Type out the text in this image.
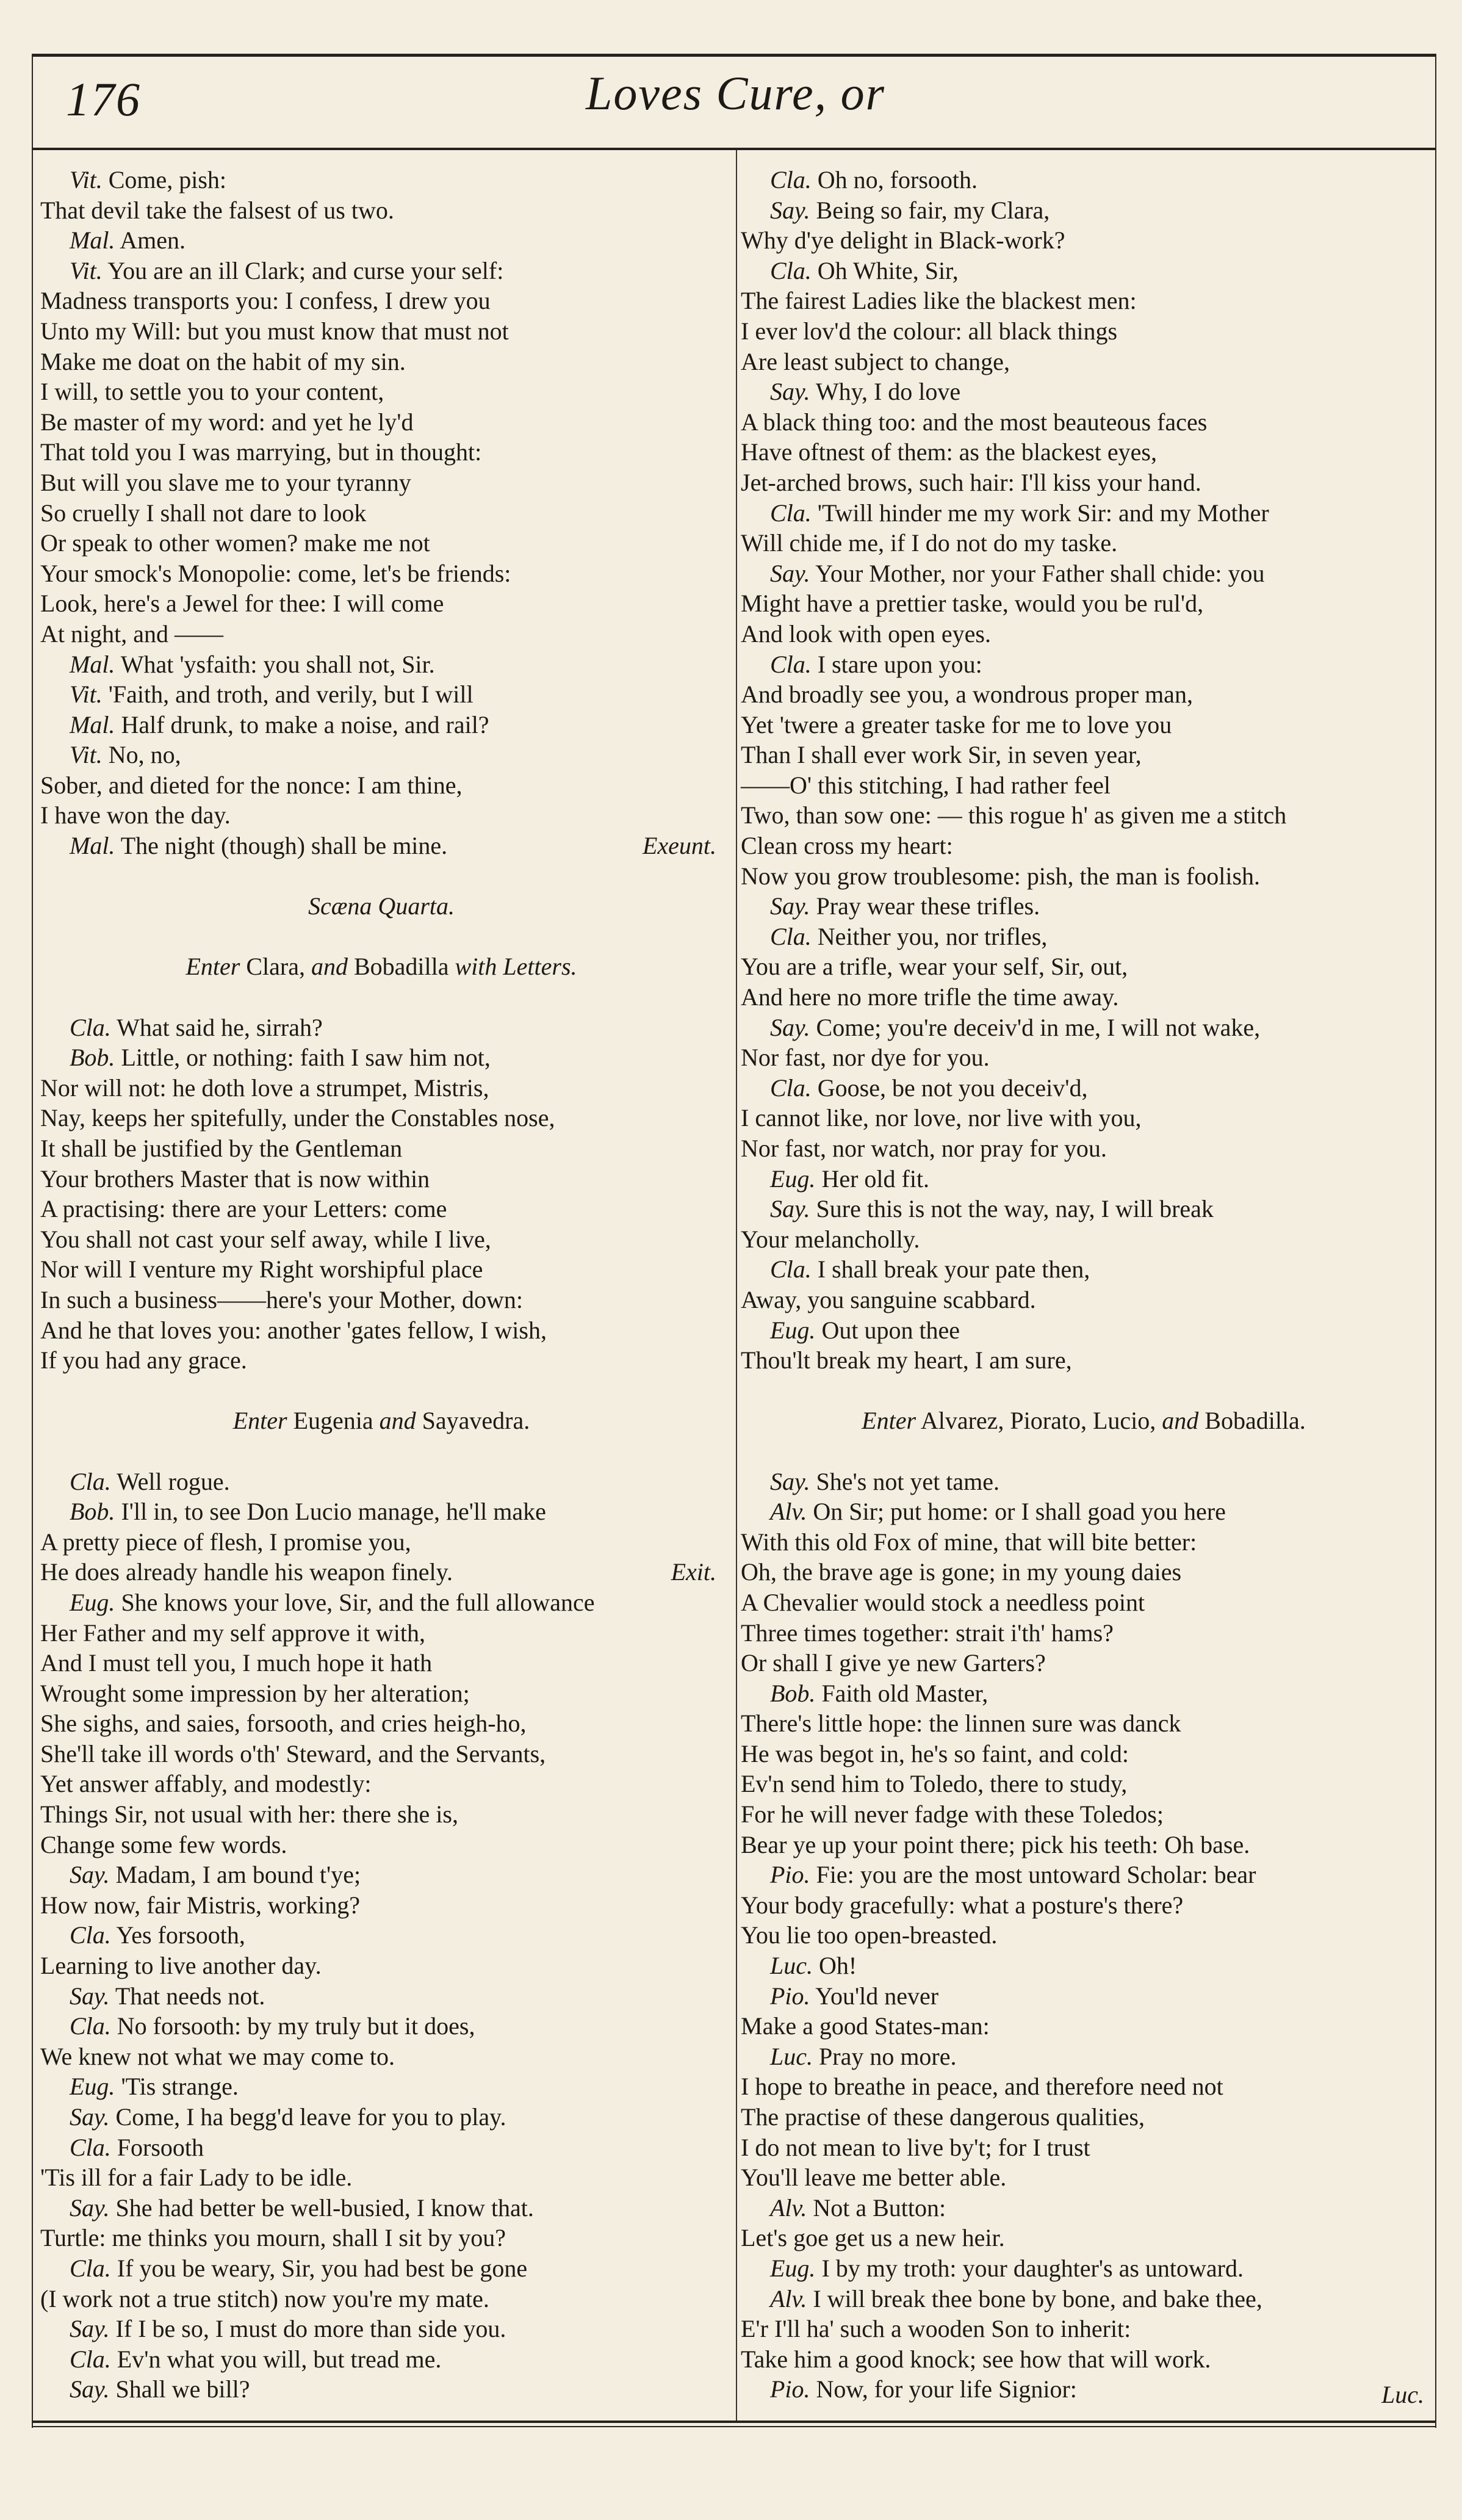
176	Loves Cure, or
Vit. Come, pish:
That devil take the falsest of us two.
Mal. Amen.
Vit. You are an ill Clark; and curse your self:
Madness transports you: I confess, I drew you
Unto my Will: but you must know that must not
Make me doat on the habit of my sin.
I will, to settle you to your content,
Be master of my word: and yet he ly'd
That told you I was marrying, but in thought:
But will you slave me to your tyranny
So cruelly I shall not dare to look
Or speak to other women? make me not
Your smock's Monopolie: come, let's be friends:
Look, here's a Jewel for thee: I will come
At night, and ——
Mal. What 'ysfaith: you shall not, Sir.
Vit. 'Faith, and troth, and verily, but I will
Mal. Half drunk, to make a noise, and rail?
Vit. No, no,
Sober, and dieted for the nonce: I am thine,
I have won the day.
Mal. The night (though) shall be mine.	Exeunt.
Scæna Quarta.
Enter Clara, and Bobadilla with Letters.
Cla. What said he, sirrah?
Bob. Little, or nothing: faith I saw him not,
Nor will not: he doth love a strumpet, Mistris,
Nay, keeps her spitefully, under the Constables nose,
It shall be justified by the Gentleman
Your brothers Master that is now within
A practising: there are your Letters: come
You shall not cast your self away, while I live,
Nor will I venture my Right worshipful place
In such a business——here's your Mother, down:
And he that loves you: another 'gates fellow, I wish,
If you had any grace.
Enter Eugenia and Sayavedra.
Cla. Well rogue.
Bob. I'll in, to see Don Lucio manage, he'll make
A pretty piece of flesh, I promise you,
He does already handle his weapon finely.	Exit.
Eug. She knows your love, Sir, and the full allowance
Her Father and my self approve it with,
And I must tell you, I much hope it hath
Wrought some impression by her alteration;
She sighs, and saies, forsooth, and cries heigh-ho,
She'll take ill words o'th' Steward, and the Servants,
Yet answer affably, and modestly:
Things Sir, not usual with her: there she is,
Change some few words.
Say. Madam, I am bound t'ye;
How now, fair Mistris, working?
Cla. Yes forsooth,
Learning to live another day.
Say. That needs not.
Cla. No forsooth: by my truly but it does,
We knew not what we may come to.
Eug. 'Tis strange.
Say. Come, I ha begg'd leave for you to play.
Cla. Forsooth
'Tis ill for a fair Lady to be idle.
Say. She had better be well-busied, I know that.
Turtle: me thinks you mourn, shall I sit by you?
Cla. If you be weary, Sir, you had best be gone
(I work not a true stitch) now you're my mate.
Say. If I be so, I must do more than side you.
Cla. Ev'n what you will, but tread me.
Say. Shall we bill?
Cla. Oh no, forsooth.
Say. Being so fair, my Clara,
Why d'ye delight in Black-work?
Cla. Oh White, Sir,
The fairest Ladies like the blackest men:
I ever lov'd the colour: all black things
Are least subject to change,
Say. Why, I do love
A black thing too: and the most beauteous faces
Have oftnest of them: as the blackest eyes,
Jet-arched brows, such hair: I'll kiss your hand.
Cla. 'Twill hinder me my work Sir: and my Mother
Will chide me, if I do not do my taske.
Say. Your Mother, nor your Father shall chide: you
Might have a prettier taske, would you be rul'd,
And look with open eyes.
Cla. I stare upon you:
And broadly see you, a wondrous proper man,
Yet 'twere a greater taske for me to love you
Than I shall ever work Sir, in seven year,
——O' this stitching, I had rather feel
Two, than sow one: — this rogue h' as given me a stitch
Clean cross my heart:
Now you grow troublesome: pish, the man is foolish.
Say. Pray wear these trifles.
Cla. Neither you, nor trifles,
You are a trifle, wear your self, Sir, out,
And here no more trifle the time away.
Say. Come; you're deceiv'd in me, I will not wake,
Nor fast, nor dye for you.
Cla. Goose, be not you deceiv'd,
I cannot like, nor love, nor live with you,
Nor fast, nor watch, nor pray for you.
Eug. Her old fit.
Say. Sure this is not the way, nay, I will break
Your melancholly.
Cla. I shall break your pate then,
Away, you sanguine scabbard.
Eug. Out upon thee
Thou'lt break my heart, I am sure,
Enter Alvarez, Piorato, Lucio, and Bobadilla.
Say. She's not yet tame.
Alv. On Sir; put home: or I shall goad you here
With this old Fox of mine, that will bite better:
Oh, the brave age is gone; in my young daies
A Chevalier would stock a needless point
Three times together: strait i'th' hams?
Or shall I give ye new Garters?
Bob. Faith old Master,
There's little hope: the linnen sure was danck
He was begot in, he's so faint, and cold:
Ev'n send him to Toledo, there to study,
For he will never fadge with these Toledos;
Bear ye up your point there; pick his teeth: Oh base.
Pio. Fie: you are the most untoward Scholar: bear
Your body gracefully: what a posture's there?
You lie too open-breasted.
Luc. Oh!
Pio. You'ld never
Make a good States-man:
Luc. Pray no more.
I hope to breathe in peace, and therefore need not
The practise of these dangerous qualities,
I do not mean to live by't; for I trust
You'll leave me better able.
Alv. Not a Button:
Let's goe get us a new heir.
Eug. I by my troth: your daughter's as untoward.
Alv. I will break thee bone by bone, and bake thee,
E'r I'll ha' such a wooden Son to inherit:
Take him a good knock; see how that will work.
Pio. Now, for your life Signior:	Luc.
